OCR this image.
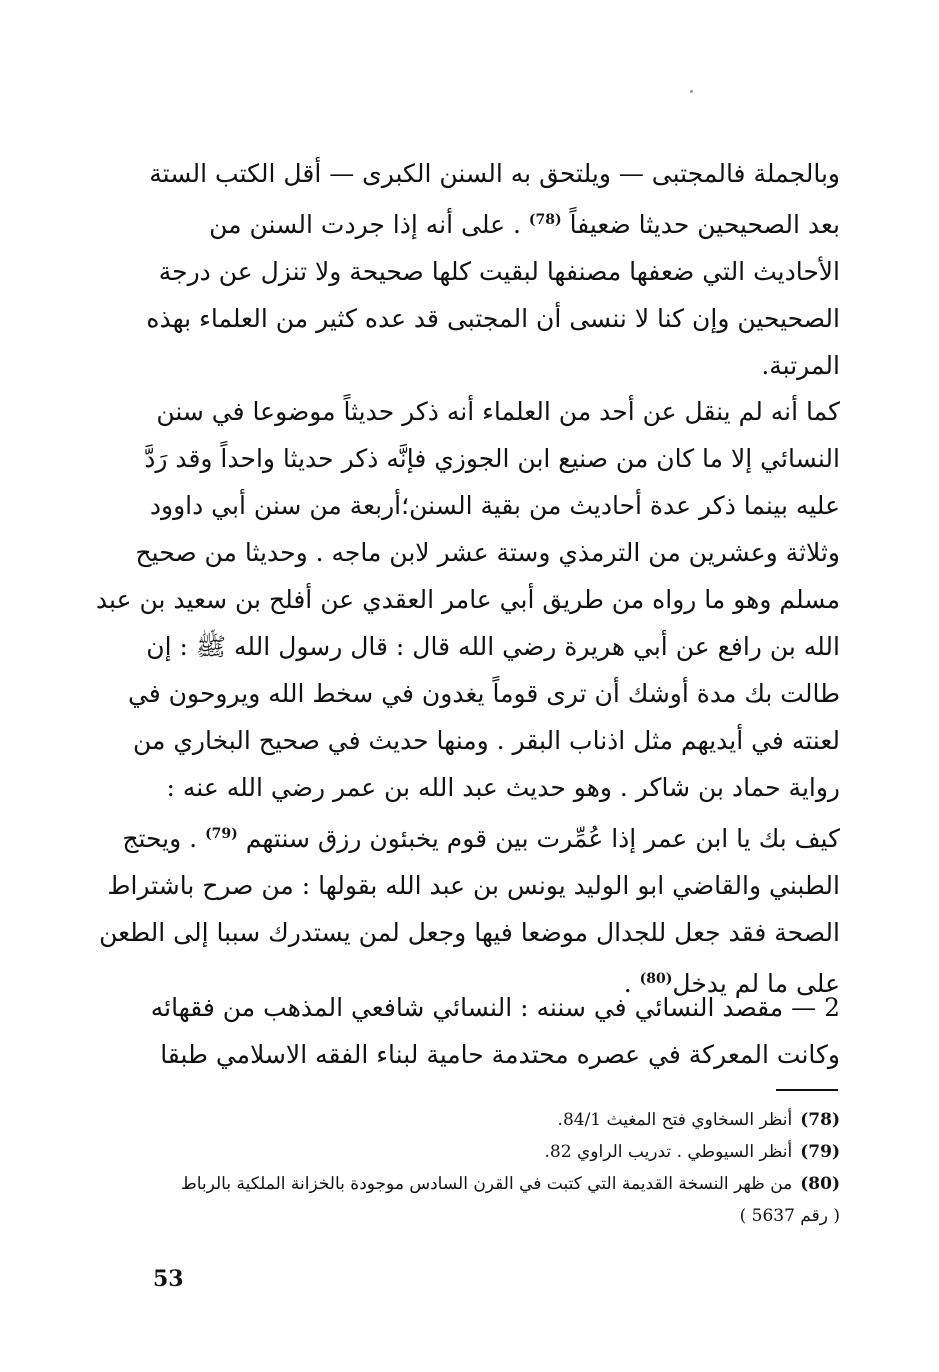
وبالجملة فالمجتبى — ويلتحق به السنن الكبرى — أقل الكتب الستة
بعد الصحيحين حديثا ضعيفاً $^{(78)}$ . على أنه إذا جردت السنن من
الأحاديث التي ضعفها مصنفها لبقيت كلها صحيحة ولا تنزل عن درجة
الصحيحين وإن كنا لا ننسى أن المجتبى قد عده كثير من العلماء بهذه
المرتبة.
كما أنه لم ينقل عن أحد من العلماء أنه ذكر حديثاً موضوعا في سنن
النسائي إلا ما كان من صنيع ابن الجوزي فإنَّه ذكر حديثا واحداً وقد رَدَّ
عليه بينما ذكر عدة أحاديث من بقية السنن؛أربعة من سنن أبي داوود
وثلاثة وعشرين من الترمذي وستة عشر لابن ماجه . وحديثا من صحيح
مسلم وهو ما رواه من طريق أبي عامر العقدي عن أفلح بن سعيد بن عبد
الله بن رافع عن أبي هريرة رضي الله قال : قال رسول الله ﷺ : إن
طالت بك مدة أوشك أن ترى قوماً يغدون في سخط الله ويروحون في
لعنته في أيديهم مثل اذناب البقر . ومنها حديث في صحيح البخاري من
رواية حماد بن شاكر . وهو حديث عبد الله بن عمر رضي الله عنه :
كيف بك يا ابن عمر إذا عُمِّرت بين قوم يخبئون رزق سنتهم $^{(79)}$ . ويحتج
الطبني والقاضي ابو الوليد يونس بن عبد الله بقولها : من صرح باشتراط
الصحة فقد جعل للجدال موضعا فيها وجعل لمن يستدرك سببا إلى الطعن
على ما لم يدخل$^{(80)}$ .
2 — مقصد النسائي في سننه : النسائي شافعي المذهب من فقهائه
وكانت المعركة في عصره محتدمة حامية لبناء الفقه الاسلامي طبقا
(78)أنظر السخاوي فتح المغيث 84/1.
(79)أنظر السيوطي . تدريب الراوي 82.
(80)من ظهر النسخة القديمة التي كتبت في القرن السادس موجودة بالخزانة الملكية بالرباط
( رقم 5637 )
53
